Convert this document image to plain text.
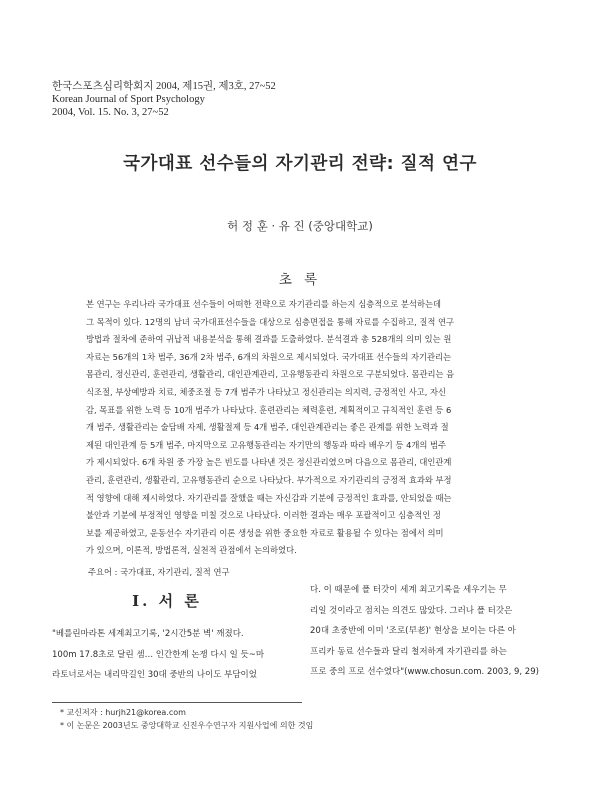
한국스포츠심리학회지 2004, 제15권, 제3호, 27~52
Korean Journal of Sport Psychology
2004, Vol. 15. No. 3, 27~52
국가대표 선수들의 자기관리 전략: 질적 연구
허 정 훈 · 유 진 (중앙대학교)
초 록
본 연구는 우리나라 국가대표 선수들이 어떠한 전략으로 자기관리를 하는지 심층적으로 분석하는데
그 목적이 있다. 12명의 남녀 국가대표선수들을 대상으로 심층면접을 통해 자료를 수집하고, 질적 연구
방법과 절차에 준하여 귀납적 내용분석을 통해 결과를 도출하였다. 분석결과 총 528개의 의미 있는 원
자료는 56개의 1차 범주, 36개 2차 범주, 6개의 차원으로 제시되었다. 국가대표 선수들의 자기관리는
몸관리, 정신관리, 훈련관리, 생활관리, 대인관계관리, 고유행동관리 차원으로 구분되었다. 몸관리는 음
식조절, 부상예방과 치료, 체중조절 등 7개 범주가 나타났고 정신관리는 의지력, 긍정적인 사고, 자신
감, 목표를 위한 노력 등 10개 범주가 나타났다. 훈련관리는 체력훈련, 계획적이고 규칙적인 훈련 등 6
개 범주, 생활관리는 술담배 자제, 생활절제 등 4개 범주, 대인관계관리는 좋은 관계를 위한 노력과 절
제된 대인관계 등 5개 범주, 마지막으로 고유행동관리는 자기만의 행동과 따라 배우기 등 4개의 범주
가 제시되었다. 6개 차원 중 가장 높은 빈도를 나타낸 것은 정신관리였으며 다음으로 몸관리, 대인관계
관리, 훈련관리, 생활관리, 고유행동관리 순으로 나타났다. 부가적으로 자기관리의 긍정적 효과와 부정
적 영향에 대해 제시하였다. 자기관리를 잘했을 때는 자신감과 기분에 긍정적인 효과를, 안되었을 때는
불안과 기분에 부정적인 영향을 미칠 것으로 나타났다. 이러한 결과는 매우 포괄적이고 심층적인 정
보를 제공하였고, 운동선수 자기관리 이론 생성을 위한 중요한 자료로 활용될 수 있다는 점에서 의미
가 있으며, 이론적, 방법론적, 실천적 관점에서 논의하였다.
주요어 : 국가대표, 자기관리, 질적 연구
Ⅰ. 서 론
"베를린마라톤 세계최고기록, '2시간5분 벽' 깨졌다.
100m 17.8초로 달린 셈… 인간한계 논쟁 다시 일 듯~마
라토너로서는 내리막길인 30대 중반의 나이도 부담이었
다. 이 때문에 폴 터갓이 세계 최고기록을 세우기는 무
리일 것이라고 점치는 의견도 많았다. 그러나 폴 터갓은
20대 초중반에 이미 '조로(早老)' 현상을 보이는 다른 아
프리카 동료 선수들과 달리 철저하게 자기관리를 하는
프로 중의 프로 선수였다"(www.chosun.com. 2003, 9, 29)
* 교신저자 : hurjh21@korea.com
* 이 논문은 2003년도 중앙대학교 신진우수연구자 지원사업에 의한 것임
